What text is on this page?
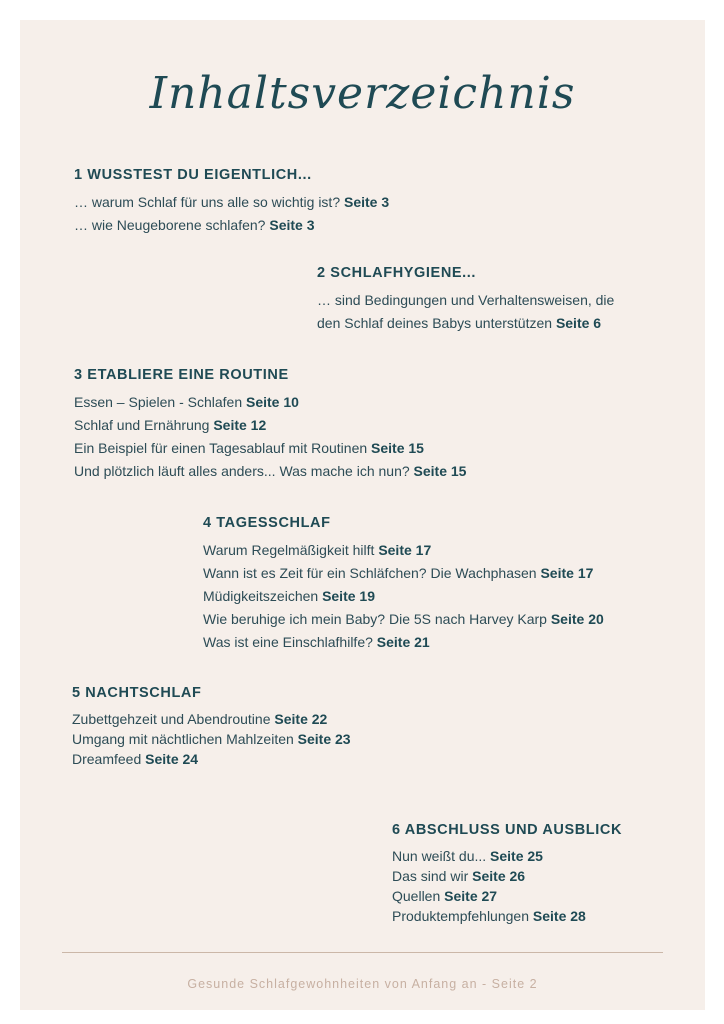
Inhaltsverzeichnis
1 WUSSTEST DU EIGENTLICH...
… warum Schlaf für uns alle so wichtig ist? Seite 3
… wie Neugeborene schlafen? Seite 3
2 SCHLAFHYGIENE...
… sind Bedingungen und Verhaltensweisen, die
den Schlaf deines Babys unterstützen Seite 6
3 ETABLIERE EINE ROUTINE
Essen – Spielen - Schlafen Seite 10
Schlaf und Ernährung Seite 12
Ein Beispiel für einen Tagesablauf mit Routinen Seite 15
Und plötzlich läuft alles anders... Was mache ich nun? Seite 15
4 TAGESSCHLAF
Warum Regelmäßigkeit hilft Seite 17
Wann ist es Zeit für ein Schläfchen? Die Wachphasen Seite 17
Müdigkeitszeichen Seite 19
Wie beruhige ich mein Baby? Die 5S nach Harvey Karp Seite 20
Was ist eine Einschlafhilfe? Seite 21
5 NACHTSCHLAF
Zubettgehzeit und Abendroutine Seite 22
Umgang mit nächtlichen Mahlzeiten Seite 23
Dreamfeed Seite 24
6 ABSCHLUSS UND AUSBLICK
Nun weißt du... Seite 25
Das sind wir Seite 26
Quellen Seite 27
Produktempfehlungen Seite 28
Gesunde Schlafgewohnheiten von Anfang an - Seite 2
